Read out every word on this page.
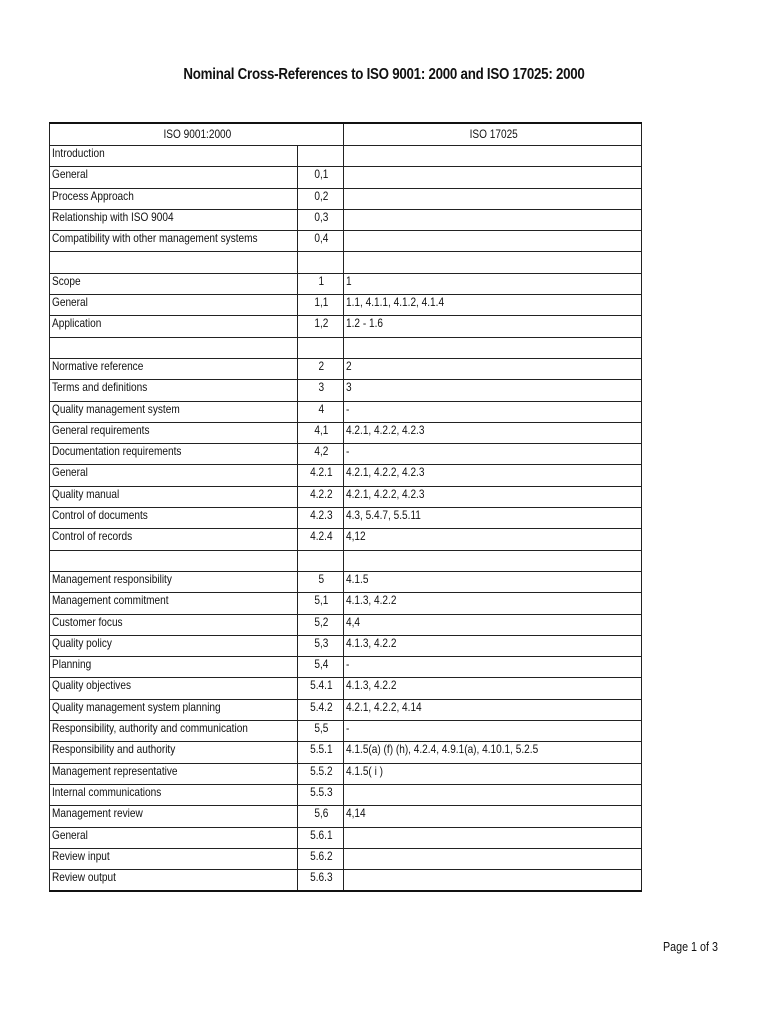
Nominal Cross-References to ISO 9001: 2000 and ISO 17025: 2000
ISO 9001:2000		ISO 17025
Introduction		
General	0,1	
Process Approach	0,2	
Relationship with ISO 9004	0,3	
Compatibility with other management systems	0,4	

Scope	1	1
General	1,1	1.1, 4.1.1, 4.1.2, 4.1.4
Application	1,2	1.2 - 1.6

Normative reference	2	2
Terms and definitions	3	3
Quality management system	4	-
General requirements	4,1	4.2.1, 4.2.2, 4.2.3
Documentation requirements	4,2	-
General	4.2.1	4.2.1, 4.2.2, 4.2.3
Quality manual	4.2.2	4.2.1, 4.2.2, 4.2.3
Control of documents	4.2.3	4.3, 5.4.7, 5.5.11
Control of records	4.2.4	4,12

Management responsibility	5	4.1.5
Management commitment	5,1	4.1.3, 4.2.2
Customer focus	5,2	4,4
Quality policy	5,3	4.1.3, 4.2.2
Planning	5,4	-
Quality objectives	5.4.1	4.1.3, 4.2.2
Quality management system planning	5.4.2	4.2.1, 4.2.2, 4.14
Responsibility, authority and communication	5,5	-
Responsibility and authority	5.5.1	4.1.5(a) (f) (h), 4.2.4, 4.9.1(a), 4.10.1, 5.2.5
Management representative	5.5.2	4.1.5( i )
Internal communications	5.5.3	
Management review	5,6	4,14
General	5.6.1	
Review input	5.6.2	
Review output	5.6.3	
Page 1 of 3
